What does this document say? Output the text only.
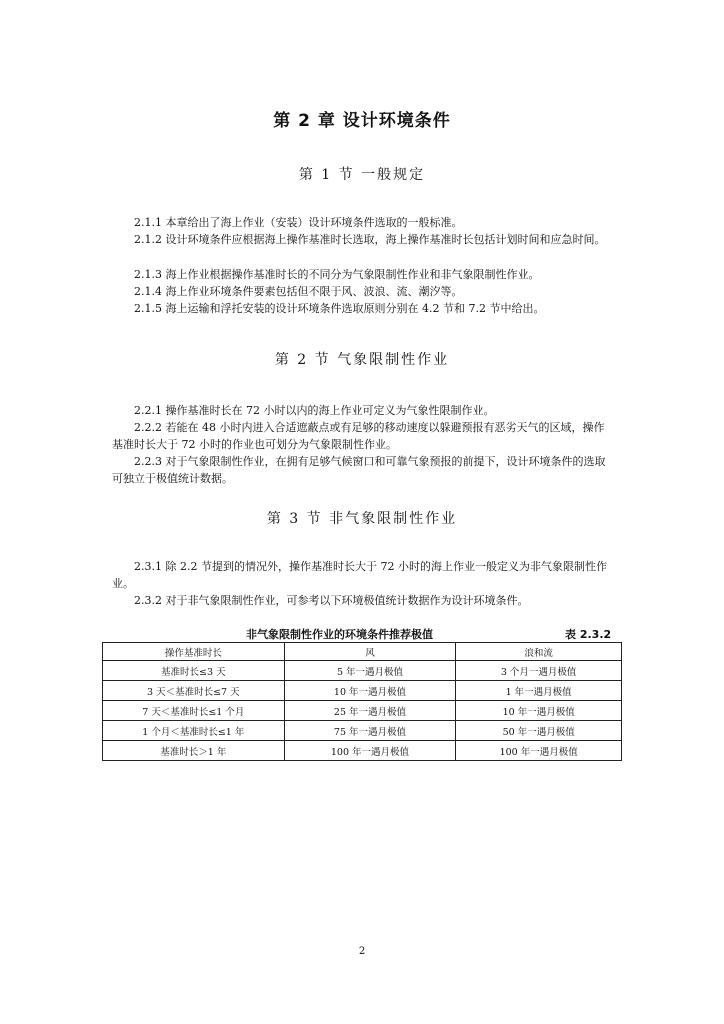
第 2 章 设计环境条件
第 1 节 一般规定

2.1.1 本章给出了海上作业（安装）设计环境条件选取的一般标准。

2.1.2 设计环境条件应根据海上操作基准时长选取，海上操作基准时长包括计划时间和应急时间。

2.1.3 海上作业根据操作基准时长的不同分为气象限制性作业和非气象限制性作业。

2.1.4 海上作业环境条件要素包括但不限于风、波浪、流、潮汐等。

2.1.5 海上运输和浮托安装的设计环境条件选取原则分别在 4.2 节和 7.2 节中给出。

第 2 节 气象限制性作业

2.2.1 操作基准时长在 72 小时以内的海上作业可定义为气象性限制作业。

2.2.2 若能在 48 小时内进入合适遮蔽点或有足够的移动速度以躲避预报有恶劣天气的区域，操作基准时长大于 72 小时的作业也可划分为气象限制性作业。

2.2.3 对于气象限制性作业，在拥有足够气候窗口和可靠气象预报的前提下，设计环境条件的选取可独立于极值统计数据。

第 3 节 非气象限制性作业

2.3.1 除 2.2 节提到的情况外，操作基准时长大于 72 小时的海上作业一般定义为非气象限制性作业。

2.3.2 对于非气象限制性作业，可参考以下环境极值统计数据作为设计环境条件。

非气象限制性作业的环境条件推荐极值	表 2.3.2
操作基准时长	风	浪和流
基准时长≤3 天	5 年一遇月极值	3 个月一遇月极值
3 天＜基准时长≤7 天	10 年一遇月极值	1 年一遇月极值
7 天＜基准时长≤1 个月	25 年一遇月极值	10 年一遇月极值
1 个月＜基准时长≤1 年	75 年一遇月极值	50 年一遇月极值
基准时长＞1 年	100 年一遇月极值	100 年一遇月极值
2
